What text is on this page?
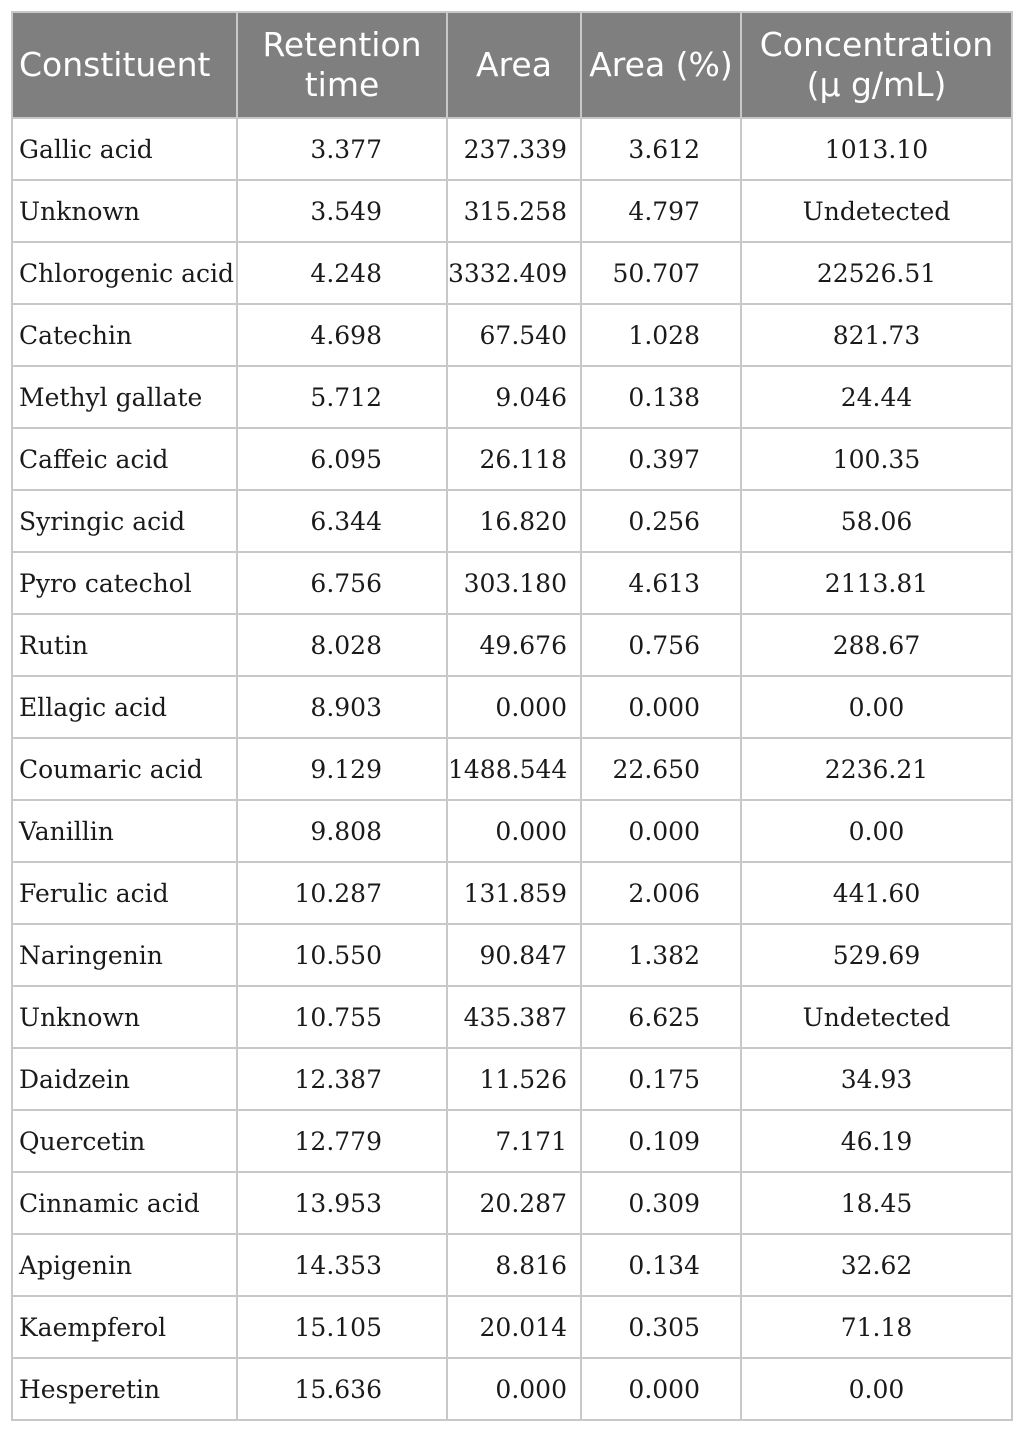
Constituent	Retention time	Area	Area (%)	Concentration (µ g/mL)
Gallic acid	3.377	237.339	3.612	1013.10
Unknown	3.549	315.258	4.797	Undetected
Chlorogenic acid	4.248	3332.409	50.707	22526.51
Catechin	4.698	67.540	1.028	821.73
Methyl gallate	5.712	9.046	0.138	24.44
Caffeic acid	6.095	26.118	0.397	100.35
Syringic acid	6.344	16.820	0.256	58.06
Pyro catechol	6.756	303.180	4.613	2113.81
Rutin	8.028	49.676	0.756	288.67
Ellagic acid	8.903	0.000	0.000	0.00
Coumaric acid	9.129	1488.544	22.650	2236.21
Vanillin	9.808	0.000	0.000	0.00
Ferulic acid	10.287	131.859	2.006	441.60
Naringenin	10.550	90.847	1.382	529.69
Unknown	10.755	435.387	6.625	Undetected
Daidzein	12.387	11.526	0.175	34.93
Quercetin	12.779	7.171	0.109	46.19
Cinnamic acid	13.953	20.287	0.309	18.45
Apigenin	14.353	8.816	0.134	32.62
Kaempferol	15.105	20.014	0.305	71.18
Hesperetin	15.636	0.000	0.000	0.00
